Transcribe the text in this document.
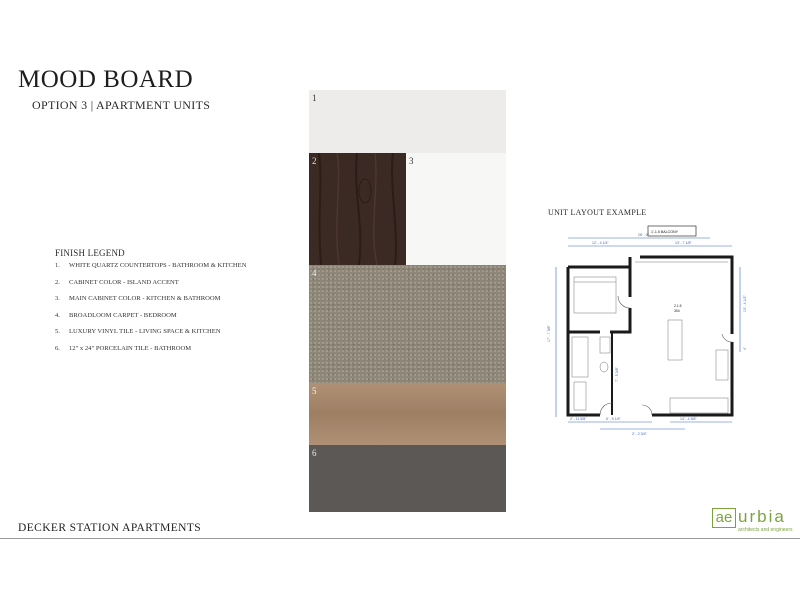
MOOD BOARD
OPTION 3 | APARTMENT UNITS
FINISH LEGEND
1.	WHITE QUARTZ COUNTERTOPS - BATHROOM & KITCHEN
2.	CABINET COLOR - ISLAND ACCENT
3.	MAIN CABINET COLOR - KITCHEN & BATHROOM
4.	BROADLOOM CARPET - BEDROOM
5.	LUXURY VINYL TILE - LIVING SPACE & KITCHEN
6.	12" x 24" PORCELAIN TILE - BATHROOM
1
2	3
4
5
6
UNIT LAYOUT EXAMPLE
28' - 0"
12' - 4 1/4"	13' - 7 1/8"
17' - 7 3/8"
13' - 4 1/2"
4'
2' - 11 5/8"	5' - 5 1/4"	14' - 4 5/8"
2' - 2 3/4"
7' - 5 3/8"
1'-1.5 BALCONY
2.1.5
304
DECKER STATION APARTMENTS
ae urbia
architects and engineers
